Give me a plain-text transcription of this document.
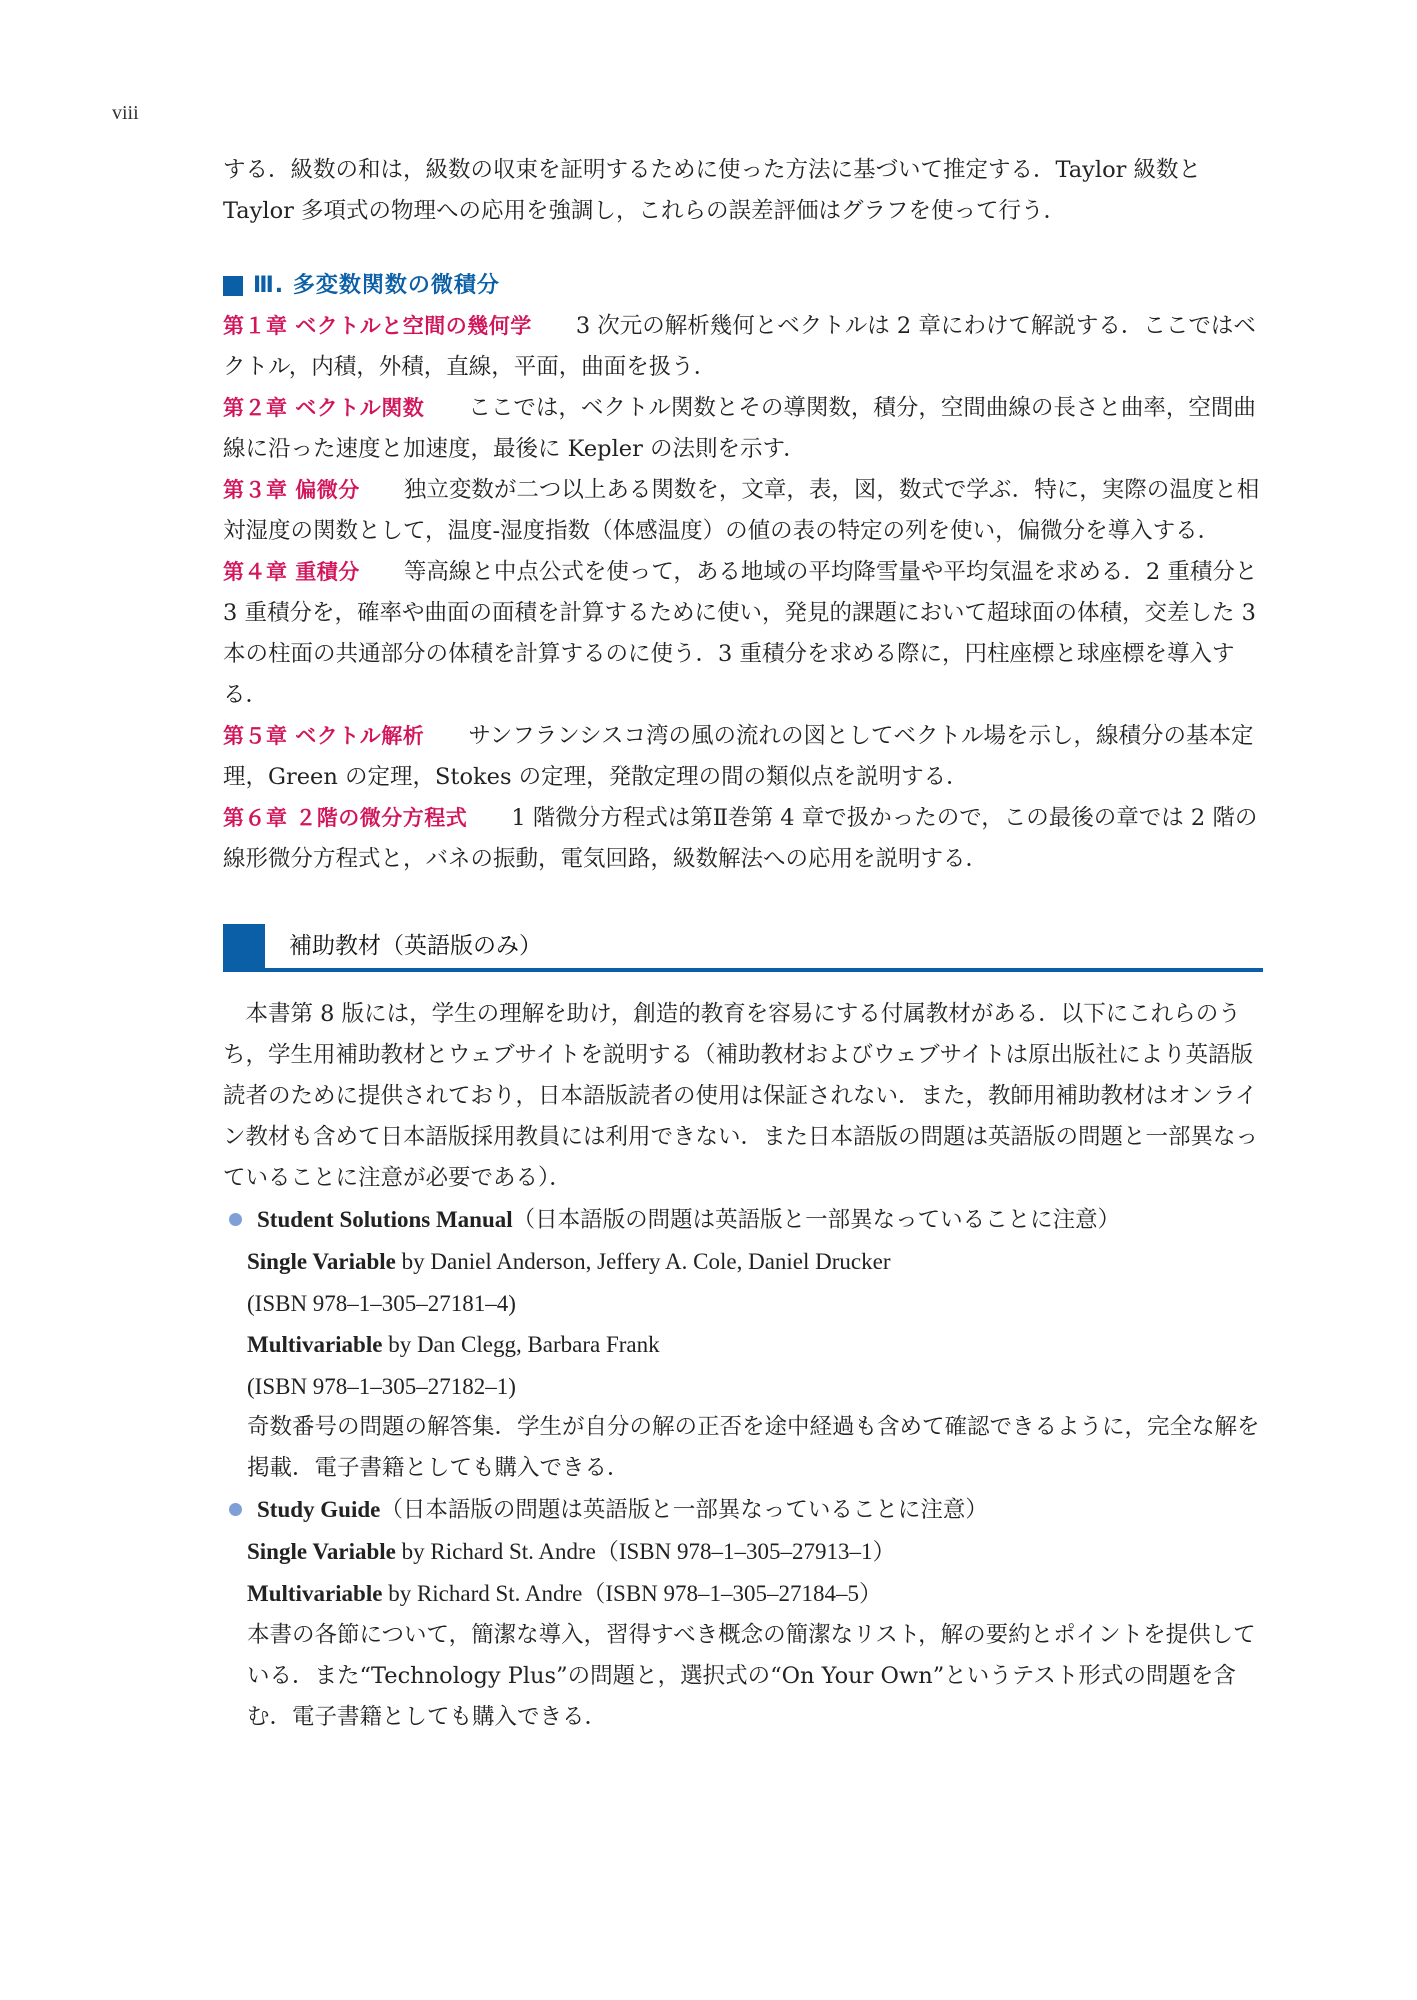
viii

する．級数の和は，級数の収束を証明するために使った方法に基づいて推定する．Taylor 級数と Taylor 多項式の物理への応用を強調し，これらの誤差評価はグラフを使って行う．

Ⅲ. 多変数関数の微積分

第１章 ベクトルと空間の幾何学 3 次元の解析幾何とベクトルは 2 章にわけて解説する．ここではベクトル，内積，外積，直線，平面，曲面を扱う．

第２章 ベクトル関数 ここでは，ベクトル関数とその導関数，積分，空間曲線の長さと曲率，空間曲線に沿った速度と加速度，最後に Kepler の法則を示す．

第３章 偏微分 独立変数が二つ以上ある関数を，文章，表，図，数式で学ぶ．特に，実際の温度と相対湿度の関数として，温度‐湿度指数（体感温度）の値の表の特定の列を使い，偏微分を導入する．

第４章 重積分 等高線と中点公式を使って，ある地域の平均降雪量や平均気温を求める．2 重積分と 3 重積分を，確率や曲面の面積を計算するために使い，発見的課題において超球面の体積，交差した 3 本の柱面の共通部分の体積を計算するのに使う．3 重積分を求める際に，円柱座標と球座標を導入する．

第５章 ベクトル解析 サンフランシスコ湾の風の流れの図としてベクトル場を示し，線積分の基本定理，Green の定理，Stokes の定理，発散定理の間の類似点を説明する．

第６章 ２階の微分方程式 1 階微分方程式は第Ⅱ巻第 4 章で扱かったので，この最後の章では 2 階の線形微分方程式と，バネの振動，電気回路，級数解法への応用を説明する．

補助教材（英語版のみ）

本書第 8 版には，学生の理解を助け，創造的教育を容易にする付属教材がある．以下にこれらのうち，学生用補助教材とウェブサイトを説明する（補助教材およびウェブサイトは原出版社により英語版読者のために提供されており，日本語版読者の使用は保証されない．また，教師用補助教材はオンライン教材も含めて日本語版採用教員には利用できない．また日本語版の問題は英語版の問題と一部異なっていることに注意が必要である）．

Student Solutions Manual（日本語版の問題は英語版と一部異なっていることに注意）
Single Variable by Daniel Anderson, Jeffery A. Cole, Daniel Drucker
(ISBN 978‒1‒305‒27181‒4)
Multivariable by Dan Clegg, Barbara Frank
(ISBN 978‒1‒305‒27182‒1)

奇数番号の問題の解答集．学生が自分の解の正否を途中経過も含めて確認できるように，完全な解を掲載．電子書籍としても購入できる．

Study Guide（日本語版の問題は英語版と一部異なっていることに注意）
Single Variable by Richard St. Andre（ISBN 978‒1‒305‒27913‒1）
Multivariable by Richard St. Andre（ISBN 978‒1‒305‒27184‒5）

本書の各節について，簡潔な導入，習得すべき概念の簡潔なリスト，解の要約とポイントを提供している．また“Technology Plus”の問題と，選択式の“On Your Own”というテスト形式の問題を含む．電子書籍としても購入できる．
